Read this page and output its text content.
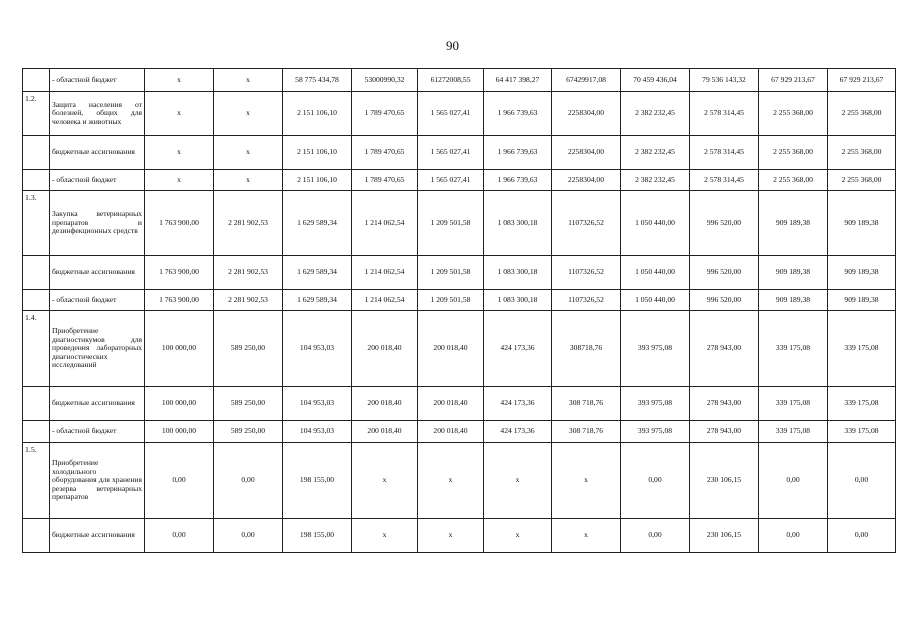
90
	- областной бюджет	х	х	58 775 434,78	53000990,32	61272008,55	64 417 398,27	67429917,08	70 459 436,04	79 536 143,32	67 929 213,67	67 929 213,67
1.2.	Защита населения от болезней, общих для человека и животных	х	х	2 151 106,10	1 789 470,65	1 565 027,41	1 966 739,63	2258304,00	2 382 232,45	2 578 314,45	2 255 368,00	2 255 368,00
	бюджетные ассигнования	х	х	2 151 106,10	1 789 470,65	1 565 027,41	1 966 739,63	2258304,00	2 382 232,45	2 578 314,45	2 255 368,00	2 255 368,00
	- областной бюджет	х	х	2 151 106,10	1 789 470,65	1 565 027,41	1 966 739,63	2258304,00	2 382 232,45	2 578 314,45	2 255 368,00	2 255 368,00
1.3.	Закупка ветеринарных препаратов и дезинфекционных средств	1 763 900,00	2 281 902,53	1 629 589,34	1 214 062,54	1 209 501,58	1 083 300,18	1107326,52	1 050 440,00	996 520,00	909 189,38	909 189,38
	бюджетные ассигнования	1 763 900,00	2 281 902,53	1 629 589,34	1 214 062,54	1 209 501,58	1 083 300,18	1107326,52	1 050 440,00	996 520,00	909 189,38	909 189,38
	- областной бюджет	1 763 900,00	2 281 902,53	1 629 589,34	1 214 062,54	1 209 501,58	1 083 300,18	1107326,52	1 050 440,00	996 520,00	909 189,38	909 189,38
1.4.	Приобретение диагностикумов для проведения лабораторных диагностических исследований	100 000,00	589 250,00	104 953,03	200 018,40	200 018,40	424 173,36	308718,76	393 975,08	278 943,00	339 175,08	339 175,08
	бюджетные ассигнования	100 000,00	589 250,00	104 953,03	200 018,40	200 018,40	424 173,36	308 718,76	393 975,08	278 943,00	339 175,08	339 175,08
	- областной бюджет	100 000,00	589 250,00	104 953,03	200 018,40	200 018,40	424 173,36	308 718,76	393 975,08	278 943,00	339 175,08	339 175,08
1.5.	Приобретение холодильного оборудования для хранения резерва ветеринарных препаратов	0,00	0,00	198 155,00	х	х	х	х	0,00	230 106,15	0,00	0,00
	бюджетные ассигнования	0,00	0,00	198 155,00	х	х	х	х	0,00	230 106,15	0,00	0,00
